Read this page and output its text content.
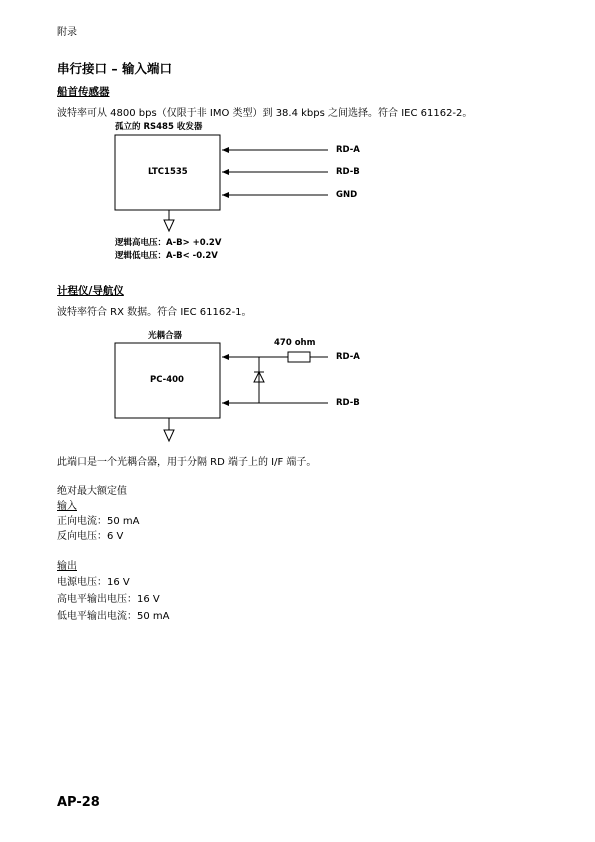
附录
串行接口 – 输入端口
船首传感器
波特率可从 4800 bps（仅限于非 IMO 类型）到 38.4 kbps 之间选择。符合 IEC 61162-2。
孤立的 RS485 收发器
LTC1535
RD-A
RD-B
GND
逻辑高电压：A-B> +0.2V
逻辑低电压：A-B< -0.2V
计程仪/导航仪
波特率符合 RX 数据。符合 IEC 61162-1。
光耦合器
PC-400
470 ohm
RD-A
RD-B
此端口是一个光耦合器，用于分隔 RD 端子上的 I/F 端子。
绝对最大额定值
输入
正向电流：50 mA
反向电压：6 V
输出
电源电压：16 V
高电平输出电压：16 V
低电平输出电流：50 mA
AP-28
